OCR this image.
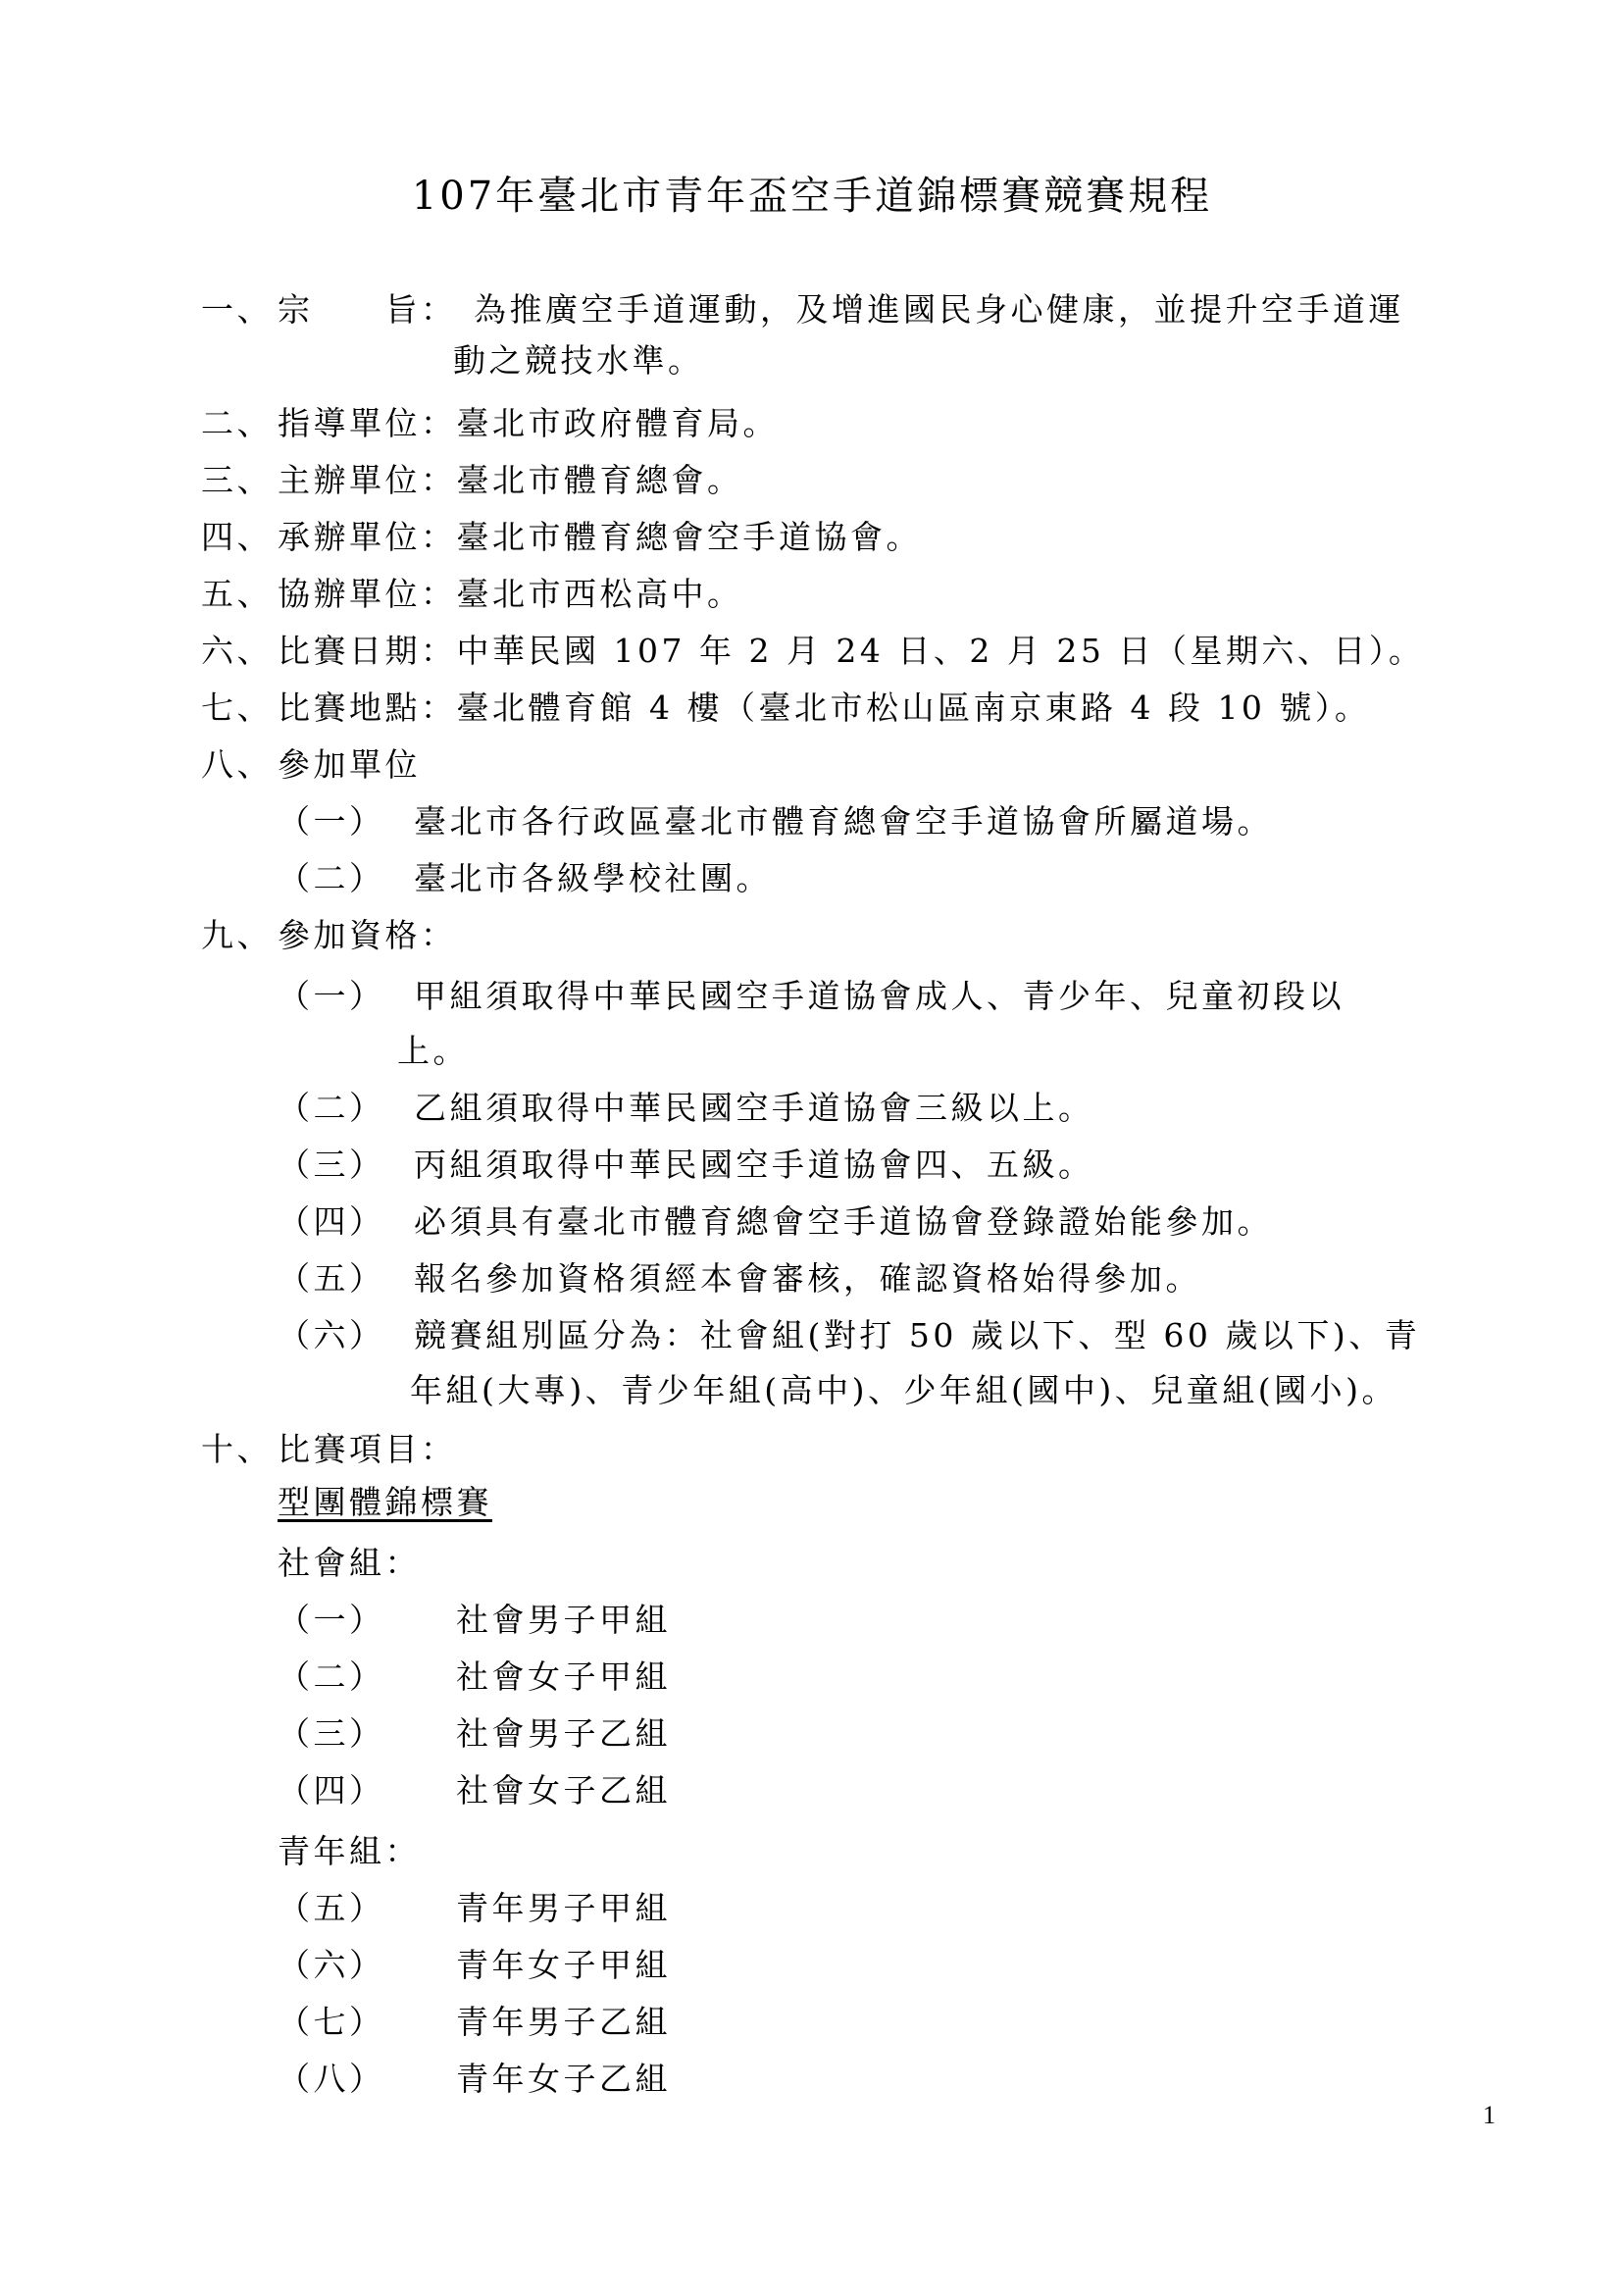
107年臺北市青年盃空手道錦標賽競賽規程
一、 宗　　旨： 為推廣空手道運動，及增進國民身心健康，並提升空手道運
動之競技水準。
二、 指導單位：臺北市政府體育局。
三、 主辦單位：臺北市體育總會。
四、 承辦單位：臺北市體育總會空手道協會。
五、 協辦單位：臺北市西松高中。
六、 比賽日期：中華民國 107 年 2 月 24 日、2 月 25 日（星期六、日）。
七、 比賽地點：臺北體育館 4 樓（臺北市松山區南京東路 4 段 10 號）。
八、 參加單位
（一） 臺北市各行政區臺北市體育總會空手道協會所屬道場。
（二） 臺北市各級學校社團。
九、 參加資格：
（一） 甲組須取得中華民國空手道協會成人、青少年、兒童初段以
上。
（二） 乙組須取得中華民國空手道協會三級以上。
（三） 丙組須取得中華民國空手道協會四、五級。
（四） 必須具有臺北市體育總會空手道協會登錄證始能參加。
（五） 報名參加資格須經本會審核，確認資格始得參加。
（六） 競賽組別區分為：社會組(對打 50 歲以下、型 60 歲以下)、青
年組(大專)、青少年組(高中)、少年組(國中)、兒童組(國小)。
十、 比賽項目：
型團體錦標賽
社會組：
（一） 社會男子甲組
（二） 社會女子甲組
（三） 社會男子乙組
（四） 社會女子乙組
青年組：
（五） 青年男子甲組
（六） 青年女子甲組
（七） 青年男子乙組
（八） 青年女子乙組
1
